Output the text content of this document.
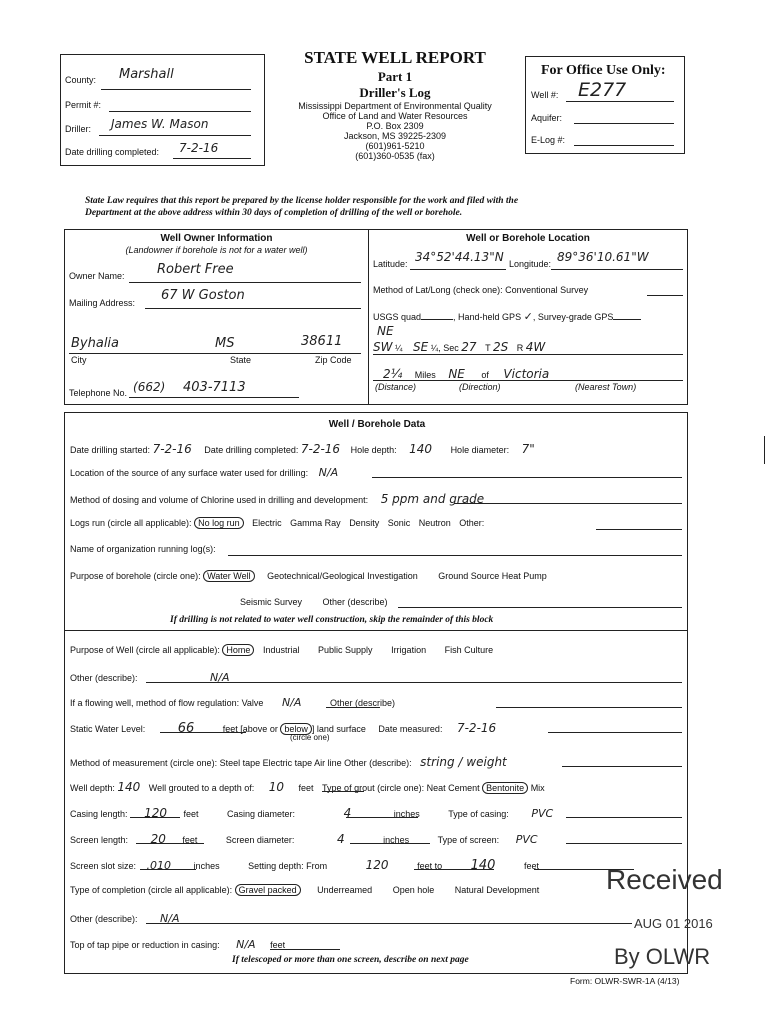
County: Marshall
Permit #:
Driller: James W. Mason
Date drilling completed: 7-2-16
STATE WELL REPORT
Part 1
Driller's Log
Mississippi Department of Environmental Quality
Office of Land and Water Resources
P.O. Box 2309
Jackson, MS 39225-2309
(601)961-5210
(601)360-0535 (fax)
For Office Use Only:
Well #: E277
Aquifer:
E-Log #:
State Law requires that this report be prepared by the license holder responsible for the work and filed with the
Department at the above address within 30 days of completion of drilling of the well or borehole.
Well Owner Information
(Landowner if borehole is not for a water well)
Owner Name: Robert Free
Mailing Address: 67 W Goston
Byhalia	MS	38611
City	State	Zip Code
Telephone No. (662) 403-7113
Well or Borehole Location
Latitude: 34°52'44.13"N Longitude: 89°36'10.61"W
Method of Lat/Long (check one): Conventional Survey
USGS quad	, Hand-held GPS ✓, Survey-grade GPS
NE
SW ¼ SE ¼, Sec 27 T 2S R 4W
2¼ Miles NE of Victoria
(Distance)	(Direction)	(Nearest Town)
Well / Borehole Data
Date drilling started: 7-2-16 Date drilling completed: 7-2-16 Hole depth: 140 Hole diameter: 7"
Location of the source of any surface water used for drilling: N/A
Method of dosing and volume of Chlorine used in drilling and development: 5 ppm and grade
Logs run (circle all applicable): No log run Electric Gamma Ray Density Sonic Neutron Other:
Name of organization running log(s):
Purpose of borehole (circle one): Water Well Geotechnical/Geological Investigation Ground Source Heat Pump
Seismic Survey Other (describe)
If drilling is not related to water well construction, skip the remainder of this block
Purpose of Well (circle all applicable): Home Industrial Public Supply Irrigation Fish Culture
Other (describe):	N/A
If a flowing well, method of flow regulation: Valve N/A	Other (describe)
Static Water Level:	66	feet [above or below ] land surface Date measured: 7-2-16
(circle one)
Method of measurement (circle one): Steel tape Electric tape Air line Other (describe): string / weight
Well depth: 140 Well grouted to a depth of: 10 feet Type of grout (circle one): Neat Cement Bentonite Mix
Casing length: 120 feet	Casing diameter:	4	inches	Type of casing: PVC
Screen length: 20 feet	Screen diameter:	4	inches	Type of screen: PVC
Screen slot size: .010	inches	Setting depth: From	120	feet to 140	feet
Type of completion (circle all applicable): Gravel packed Underreamed Open hole Natural Development
Other (describe): N/A
Top of tap pipe or reduction in casing: N/A feet
If telescoped or more than one screen, describe on next page
Form: OLWR-SWR-1A (4/13)
Received
AUG 01 2016
By OLWR
